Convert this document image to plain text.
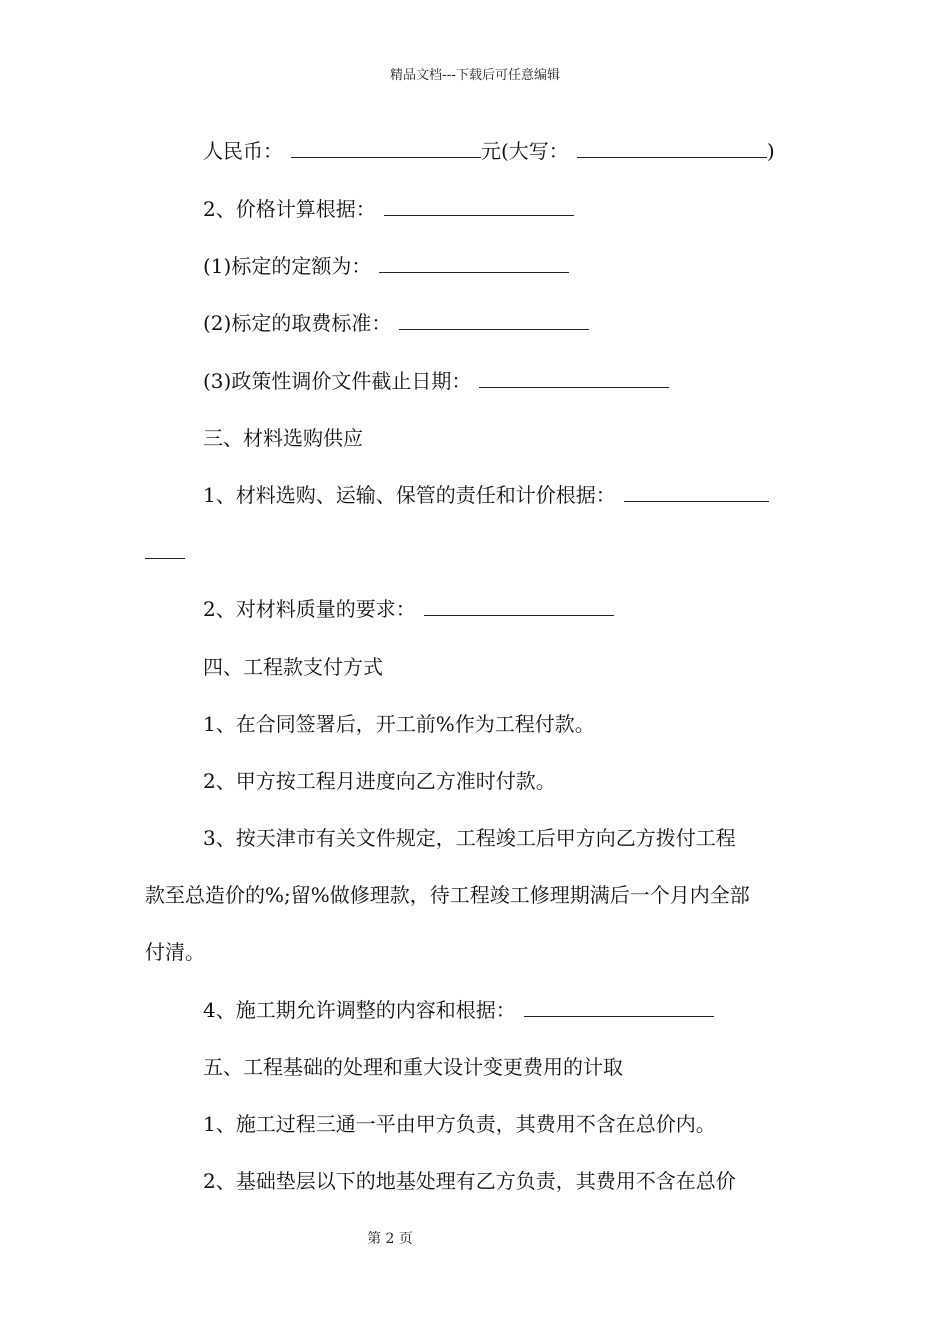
精品文档---下载后可任意编辑
人民币：	元(大写：	)
2、价格计算根据：
(1)标定的定额为：
(2)标定的取费标准：
(3)政策性调价文件截止日期：
三、材料选购供应
1、材料选购、运输、保管的责任和计价根据：
2、对材料质量的要求：
四、工程款支付方式
1、在合同签署后，开工前%作为工程付款。
2、甲方按工程月进度向乙方准时付款。
3、按天津市有关文件规定，工程竣工后甲方向乙方拨付工程
款至总造价的%;留%做修理款，待工程竣工修理期满后一个月内全部
付清。
4、施工期允许调整的内容和根据：
五、工程基础的处理和重大设计变更费用的计取
1、施工过程三通一平由甲方负责，其费用不含在总价内。
2、基础垫层以下的地基处理有乙方负责，其费用不含在总价
第 2 页
